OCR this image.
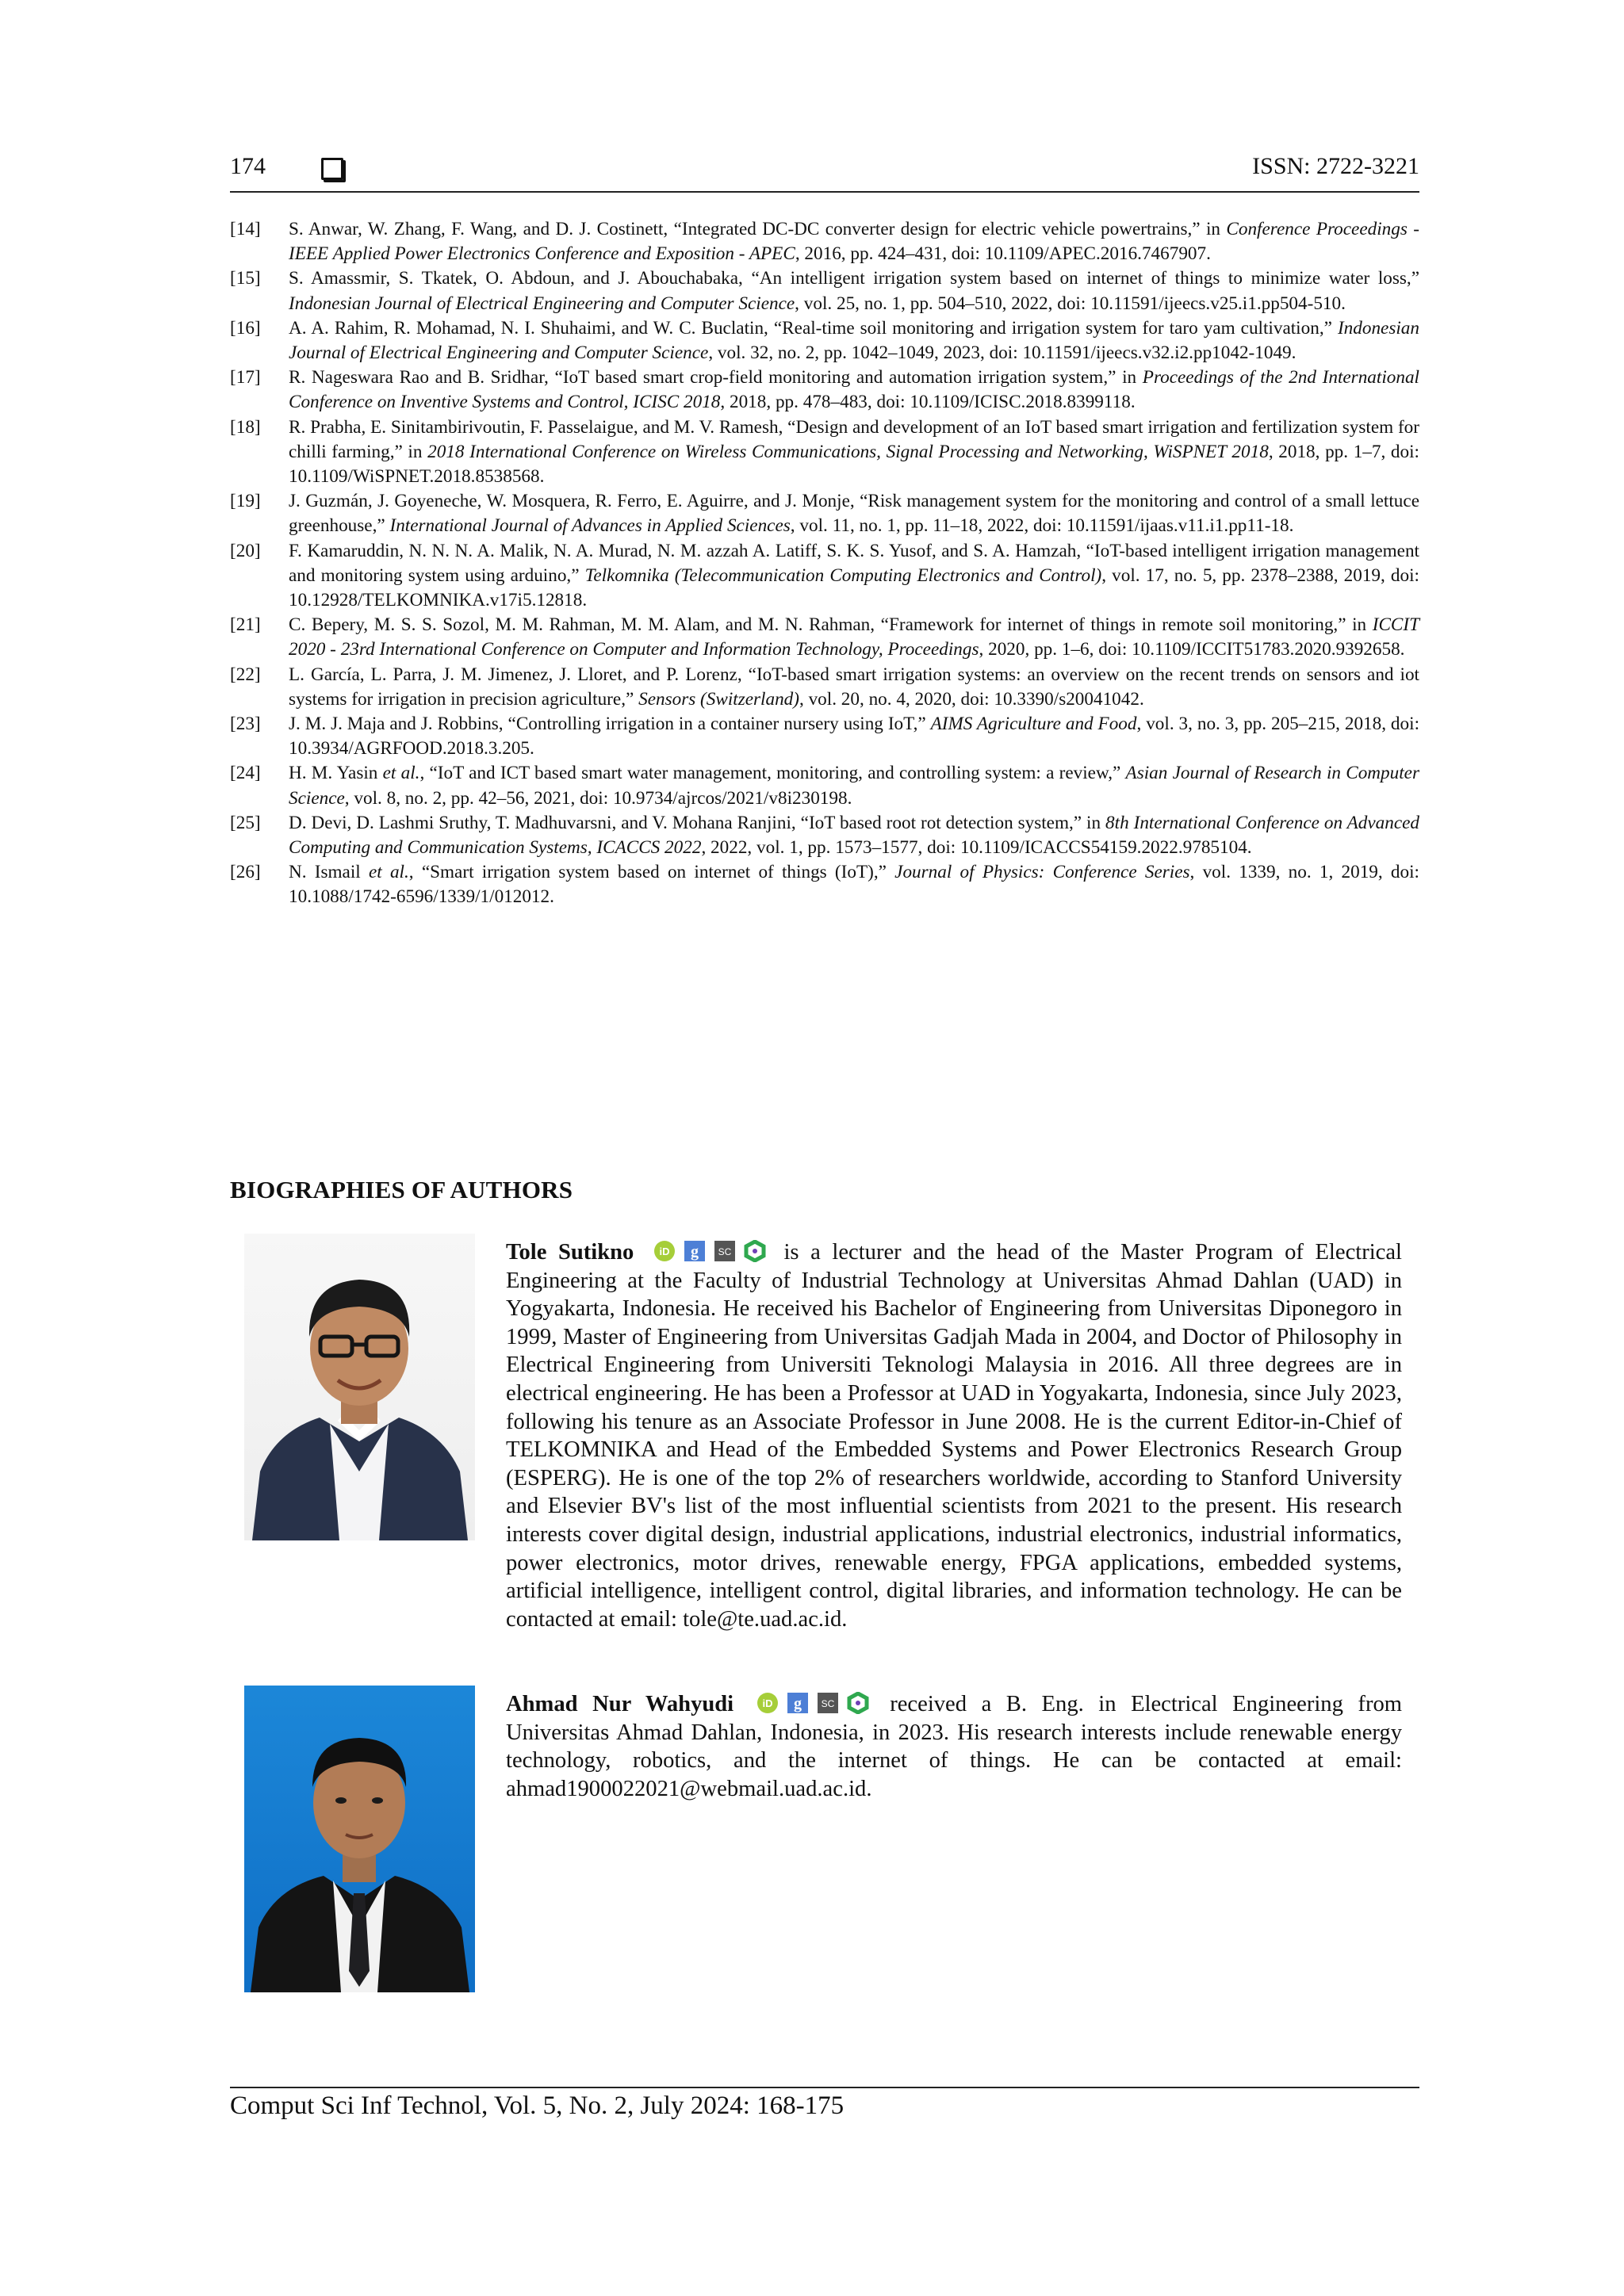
174	ISSN: 2722-3221
[14]	S. Anwar, W. Zhang, F. Wang, and D. J. Costinett, “Integrated DC-DC converter design for electric vehicle powertrains,” in Conference Proceedings - IEEE Applied Power Electronics Conference and Exposition - APEC, 2016, pp. 424–431, doi: 10.1109/APEC.2016.7467907.
[15]	S. Amassmir, S. Tkatek, O. Abdoun, and J. Abouchabaka, “An intelligent irrigation system based on internet of things to minimize water loss,” Indonesian Journal of Electrical Engineering and Computer Science, vol. 25, no. 1, pp. 504–510, 2022, doi: 10.11591/ijeecs.v25.i1.pp504-510.
[16]	A. A. Rahim, R. Mohamad, N. I. Shuhaimi, and W. C. Buclatin, “Real-time soil monitoring and irrigation system for taro yam cultivation,” Indonesian Journal of Electrical Engineering and Computer Science, vol. 32, no. 2, pp. 1042–1049, 2023, doi: 10.11591/ijeecs.v32.i2.pp1042-1049.
[17]	R. Nageswara Rao and B. Sridhar, “IoT based smart crop-field monitoring and automation irrigation system,” in Proceedings of the 2nd International Conference on Inventive Systems and Control, ICISC 2018, 2018, pp. 478–483, doi: 10.1109/ICISC.2018.8399118.
[18]	R. Prabha, E. Sinitambirivoutin, F. Passelaigue, and M. V. Ramesh, “Design and development of an IoT based smart irrigation and fertilization system for chilli farming,” in 2018 International Conference on Wireless Communications, Signal Processing and Networking, WiSPNET 2018, 2018, pp. 1–7, doi: 10.1109/WiSPNET.2018.8538568.
[19]	J. Guzmán, J. Goyeneche, W. Mosquera, R. Ferro, E. Aguirre, and J. Monje, “Risk management system for the monitoring and control of a small lettuce greenhouse,” International Journal of Advances in Applied Sciences, vol. 11, no. 1, pp. 11–18, 2022, doi: 10.11591/ijaas.v11.i1.pp11-18.
[20]	F. Kamaruddin, N. N. N. A. Malik, N. A. Murad, N. M. azzah A. Latiff, S. K. S. Yusof, and S. A. Hamzah, “IoT-based intelligent irrigation management and monitoring system using arduino,” Telkomnika (Telecommunication Computing Electronics and Control), vol. 17, no. 5, pp. 2378–2388, 2019, doi: 10.12928/TELKOMNIKA.v17i5.12818.
[21]	C. Bepery, M. S. S. Sozol, M. M. Rahman, M. M. Alam, and M. N. Rahman, “Framework for internet of things in remote soil monitoring,” in ICCIT 2020 - 23rd International Conference on Computer and Information Technology, Proceedings, 2020, pp. 1–6, doi: 10.1109/ICCIT51783.2020.9392658.
[22]	L. García, L. Parra, J. M. Jimenez, J. Lloret, and P. Lorenz, “IoT-based smart irrigation systems: an overview on the recent trends on sensors and iot systems for irrigation in precision agriculture,” Sensors (Switzerland), vol. 20, no. 4, 2020, doi: 10.3390/s20041042.
[23]	J. M. J. Maja and J. Robbins, “Controlling irrigation in a container nursery using IoT,” AIMS Agriculture and Food, vol. 3, no. 3, pp. 205–215, 2018, doi: 10.3934/AGRFOOD.2018.3.205.
[24]	H. M. Yasin et al., “IoT and ICT based smart water management, monitoring, and controlling system: a review,” Asian Journal of Research in Computer Science, vol. 8, no. 2, pp. 42–56, 2021, doi: 10.9734/ajrcos/2021/v8i230198.
[25]	D. Devi, D. Lashmi Sruthy, T. Madhuvarsni, and V. Mohana Ranjini, “IoT based root rot detection system,” in 8th International Conference on Advanced Computing and Communication Systems, ICACCS 2022, 2022, vol. 1, pp. 1573–1577, doi: 10.1109/ICACCS54159.2022.9785104.
[26]	N. Ismail et al., “Smart irrigation system based on internet of things (IoT),” Journal of Physics: Conference Series, vol. 1339, no. 1, 2019, doi: 10.1088/1742-6596/1339/1/012012.
BIOGRAPHIES OF AUTHORS
Tole Sutikno iD g SC is a lecturer and the head of the Master Program of Electrical Engineering at the Faculty of Industrial Technology at Universitas Ahmad Dahlan (UAD) in Yogyakarta, Indonesia. He received his Bachelor of Engineering from Universitas Diponegoro in 1999, Master of Engineering from Universitas Gadjah Mada in 2004, and Doctor of Philosophy in Electrical Engineering from Universiti Teknologi Malaysia in 2016. All three degrees are in electrical engineering. He has been a Professor at UAD in Yogyakarta, Indonesia, since July 2023, following his tenure as an Associate Professor in June 2008. He is the current Editor-in-Chief of TELKOMNIKA and Head of the Embedded Systems and Power Electronics Research Group (ESPERG). He is one of the top 2% of researchers worldwide, according to Stanford University and Elsevier BV's list of the most influential scientists from 2021 to the present. His research interests cover digital design, industrial applications, industrial electronics, industrial informatics, power electronics, motor drives, renewable energy, FPGA applications, embedded systems, artificial intelligence, intelligent control, digital libraries, and information technology. He can be contacted at email: tole@te.uad.ac.id.
Ahmad Nur Wahyudi	iD g SC received a B. Eng. in Electrical Engineering from Universitas Ahmad Dahlan, Indonesia, in 2023. His research interests include renewable energy technology, robotics, and the internet of things. He can be contacted at email: ahmad1900022021@webmail.uad.ac.id.
Comput Sci Inf Technol, Vol. 5, No. 2, July 2024: 168-175
